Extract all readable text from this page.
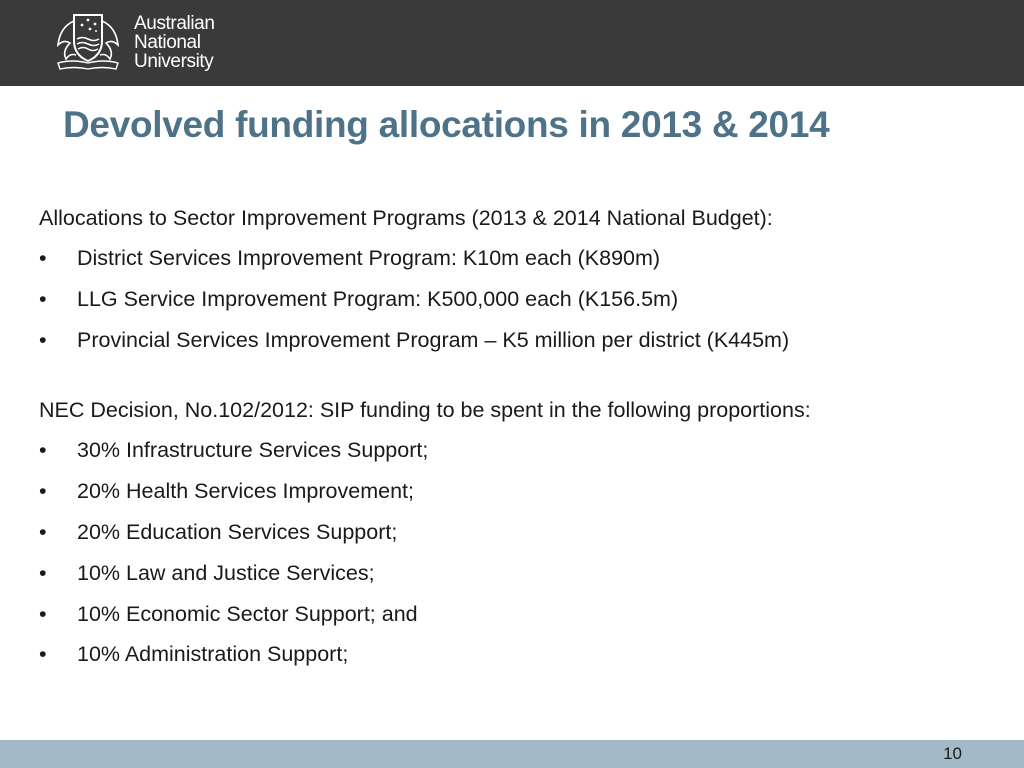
Australian
National
University
Devolved funding allocations in 2013 & 2014
Allocations to Sector Improvement Programs (2013 & 2014 National Budget):
•	District Services Improvement Program: K10m each (K890m)
•	LLG Service Improvement Program: K500,000 each (K156.5m)
•	Provincial Services Improvement Program – K5 million per district (K445m)
NEC Decision, No.102/2012: SIP funding to be spent in the following proportions:
•	30% Infrastructure Services Support;
•	20% Health Services Improvement;
•	20% Education Services Support;
•	10% Law and Justice Services;
•	10% Economic Sector Support; and
•	10% Administration Support;
10
